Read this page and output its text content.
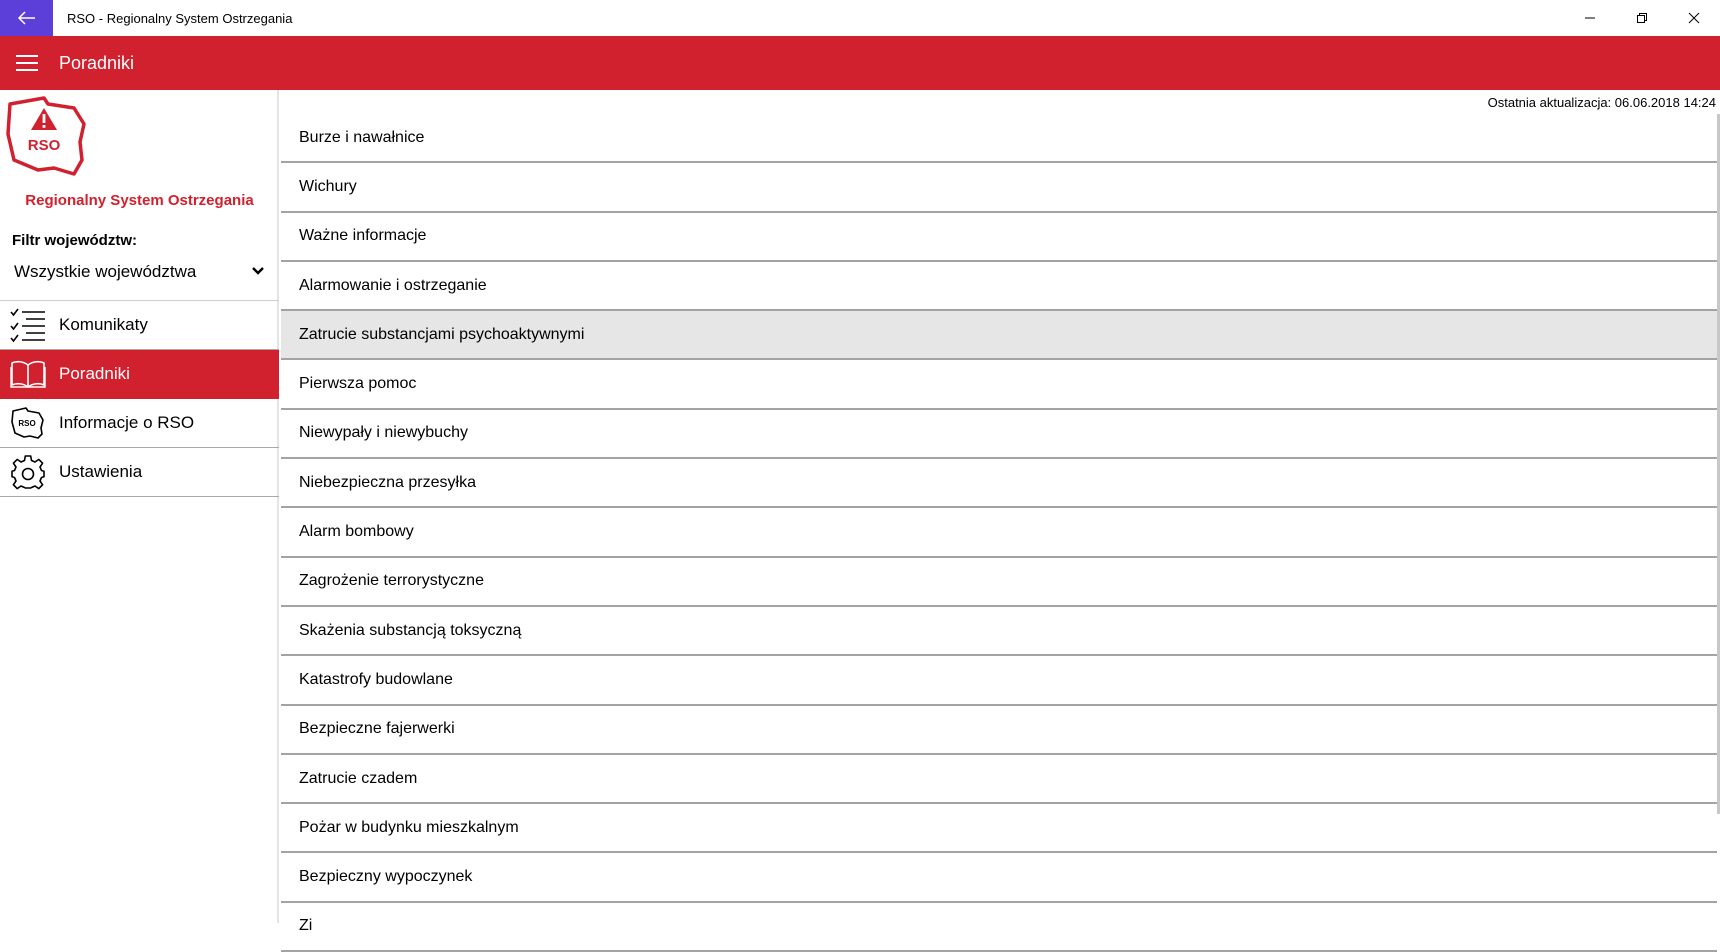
RSO - Regionalny System Ostrzegania
Poradniki
RSO
Regionalny System Ostrzegania
Filtr województw:
Wszystkie województwa
Komunikaty
Poradniki
RSO Informacje o RSO
Ustawienia
Ostatnia aktualizacja: 06.06.2018 14:24
Burze i nawałnice
Wichury
Ważne informacje
Alarmowanie i ostrzeganie
Zatrucie substancjami psychoaktywnymi
Pierwsza pomoc
Niewypały i niewybuchy
Niebezpieczna przesyłka
Alarm bombowy
Zagrożenie terrorystyczne
Skażenia substancją toksyczną
Katastrofy budowlane
Bezpieczne fajerwerki
Zatrucie czadem
Pożar w budynku mieszkalnym
Bezpieczny wypoczynek
Zi
